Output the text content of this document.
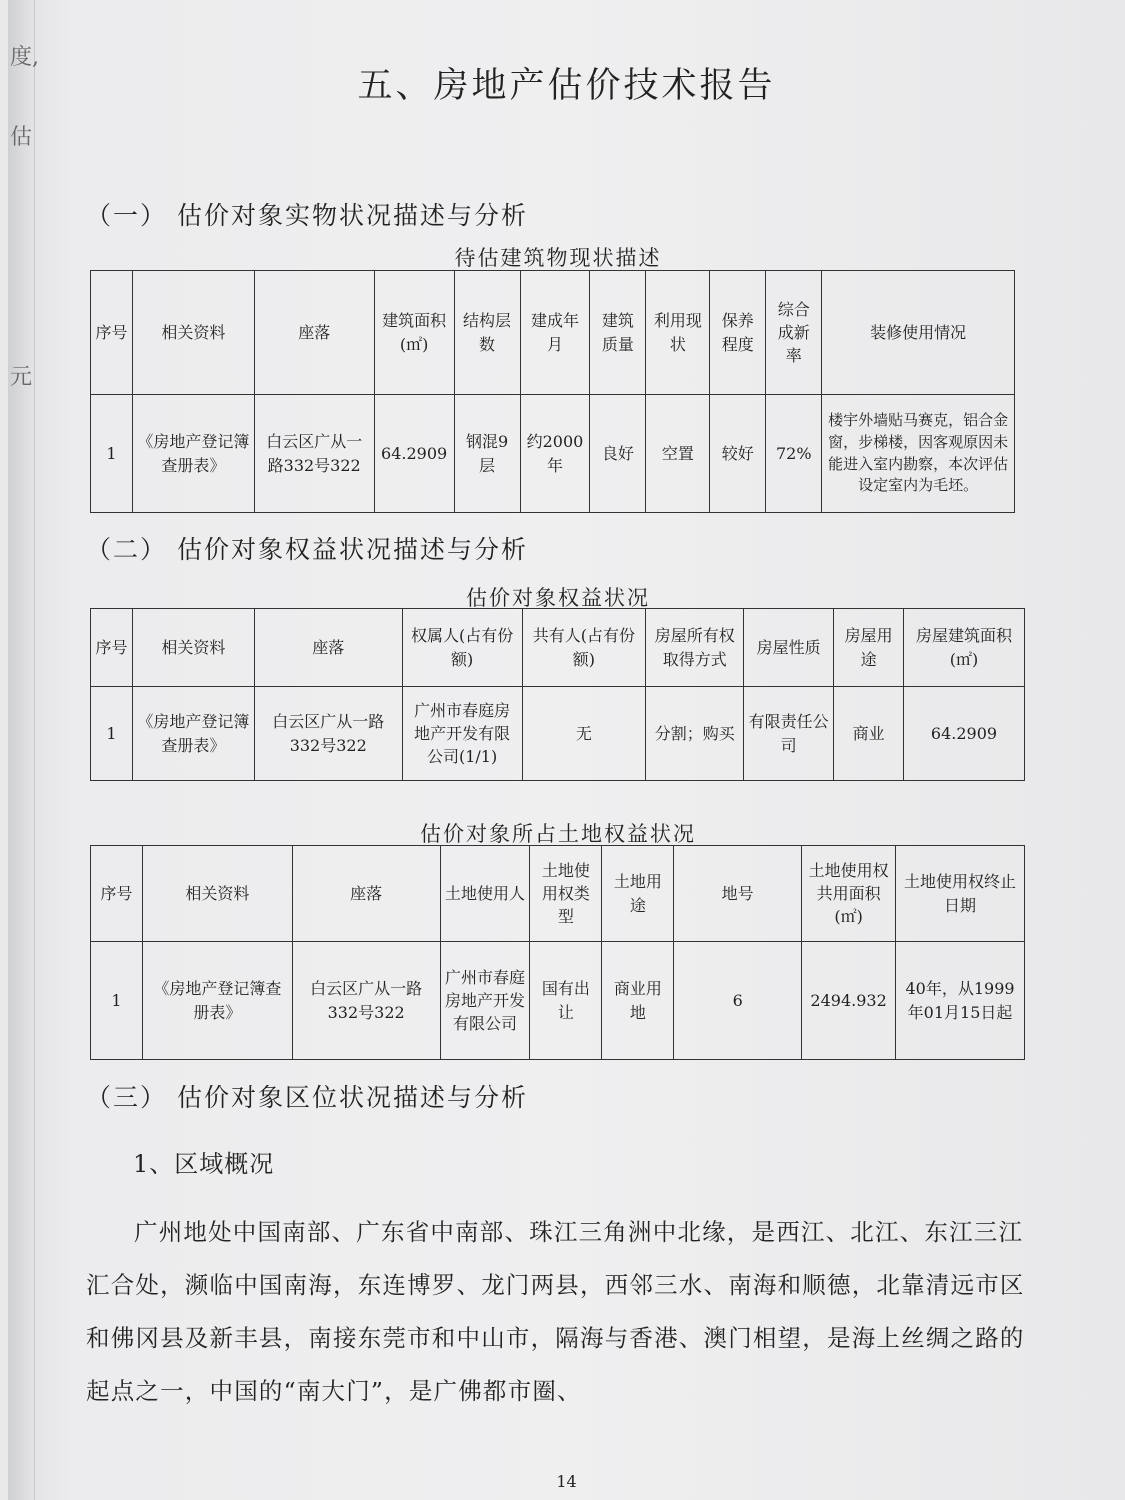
度,
估
元
五、房地产估价技术报告
（一） 估价对象实物状况描述与分析
待估建筑物现状描述
序号	相关资料	座落	建筑面积(㎡)	结构层数	建成年月	建筑质量	利用现状	保养程度	综合成新率	装修使用情况
1	《房地产登记簿查册表》	白云区广从一路332号322	64.2909	钢混9层	约2000年	良好	空置	较好	72%	楼宇外墙贴马赛克，铝合金窗，步梯楼，因客观原因未能进入室内勘察，本次评估设定室内为毛坯。
（二） 估价对象权益状况描述与分析
估价对象权益状况
序号	相关资料	座落	权属人(占有份额)	共有人(占有份额)	房屋所有权取得方式	房屋性质	房屋用途	房屋建筑面积(㎡)
1	《房地产登记簿查册表》	白云区广从一路332号322	广州市春庭房地产开发有限公司(1/1)	无	分割；购买	有限责任公司	商业	64.2909
估价对象所占土地权益状况
序号	相关资料	座落	土地使用人	土地使用权类型	土地用途	地号	土地使用权共用面积(㎡)	土地使用权终止日期
1	《房地产登记簿查册表》	白云区广从一路332号322	广州市春庭房地产开发有限公司	国有出让	商业用地	6	2494.932	40年，从1999年01月15日起
（三） 估价对象区位状况描述与分析
1、区域概况

广州地处中国南部、广东省中南部、珠江三角洲中北缘，是西江、北江、东江三江汇合处，濒临中国南海，东连博罗、龙门两县，西邻三水、南海和顺德，北靠清远市区和佛冈县及新丰县，南接东莞市和中山市，隔海与香港、澳门相望，是海上丝绸之路的起点之一，中国的“南大门”，是广佛都市圈、

14
